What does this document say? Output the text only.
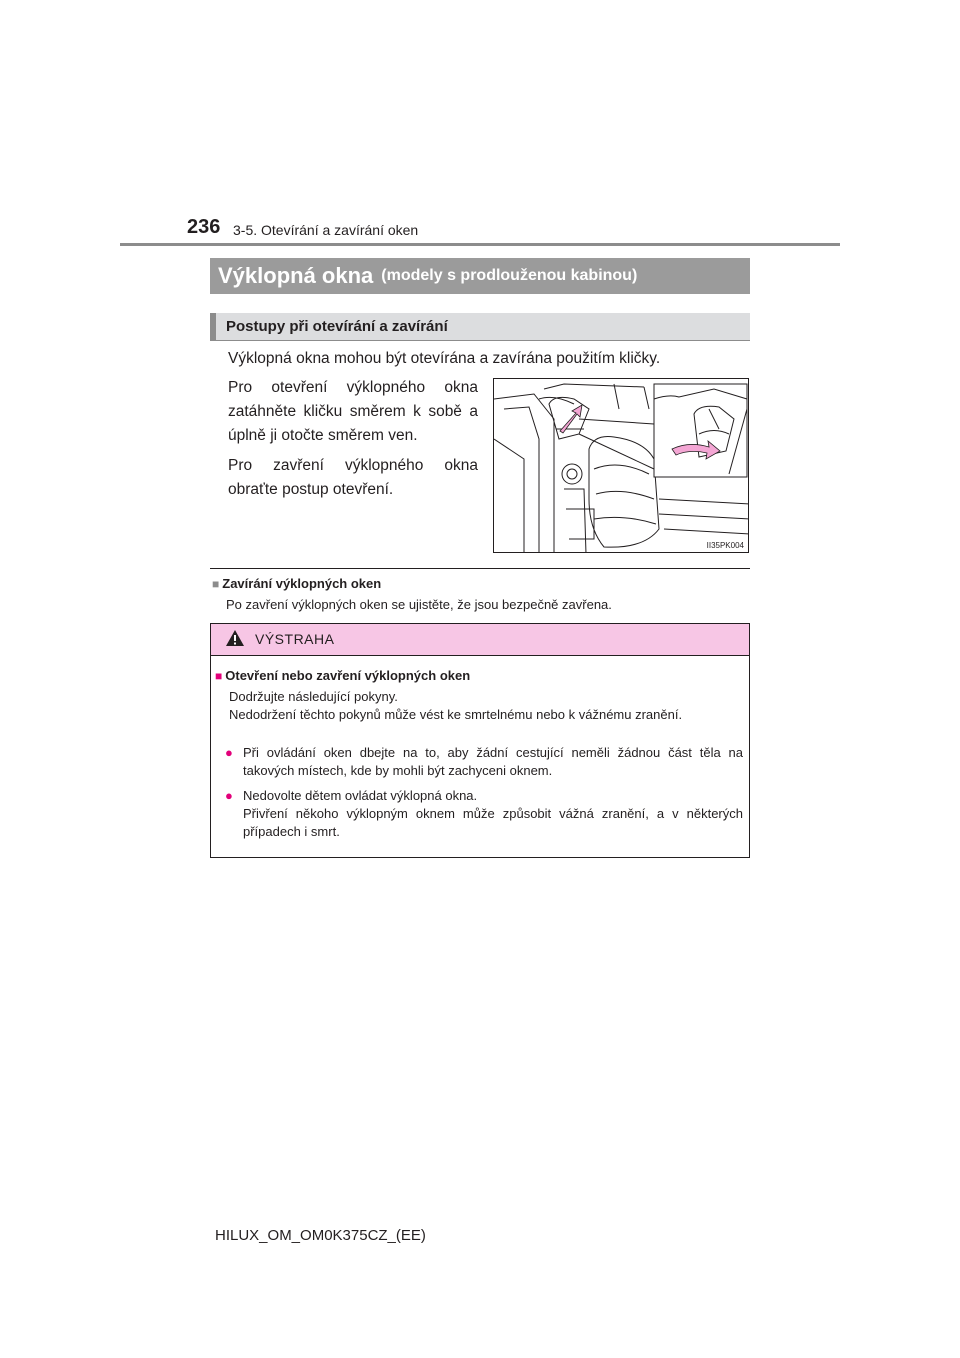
236 3-5. Otevírání a zavírání oken
Výklopná okna (modely s prodlouženou kabinou)
Postupy při otevírání a zavírání
Výklopná okna mohou být otevírána a zavírána použitím kličky.

Pro otevření výklopného okna zatáhněte kličku směrem k sobě a úplně ji otočte směrem ven.

Pro zavření výklopného okna obraťte postup otevření.

II35PK004
■ Zavírání výklopných oken
Po zavření výklopných oken se ujistěte, že jsou bezpečně zavřena.
VÝSTRAHA
■ Otevření nebo zavření výklopných oken
Dodržujte následující pokyny.
Nedodržení těchto pokynů může vést ke smrtelnému nebo k vážnému zranění.
● Při ovládání oken dbejte na to, aby žádní cestující neměli žádnou část těla na takových místech, kde by mohli být zachyceni oknem.
● Nedovolte dětem ovládat výklopná okna.
Přivření někoho výklopným oknem může způsobit vážná zranění, a v některých případech i smrt.
HILUX_OM_OM0K375CZ_(EE)
